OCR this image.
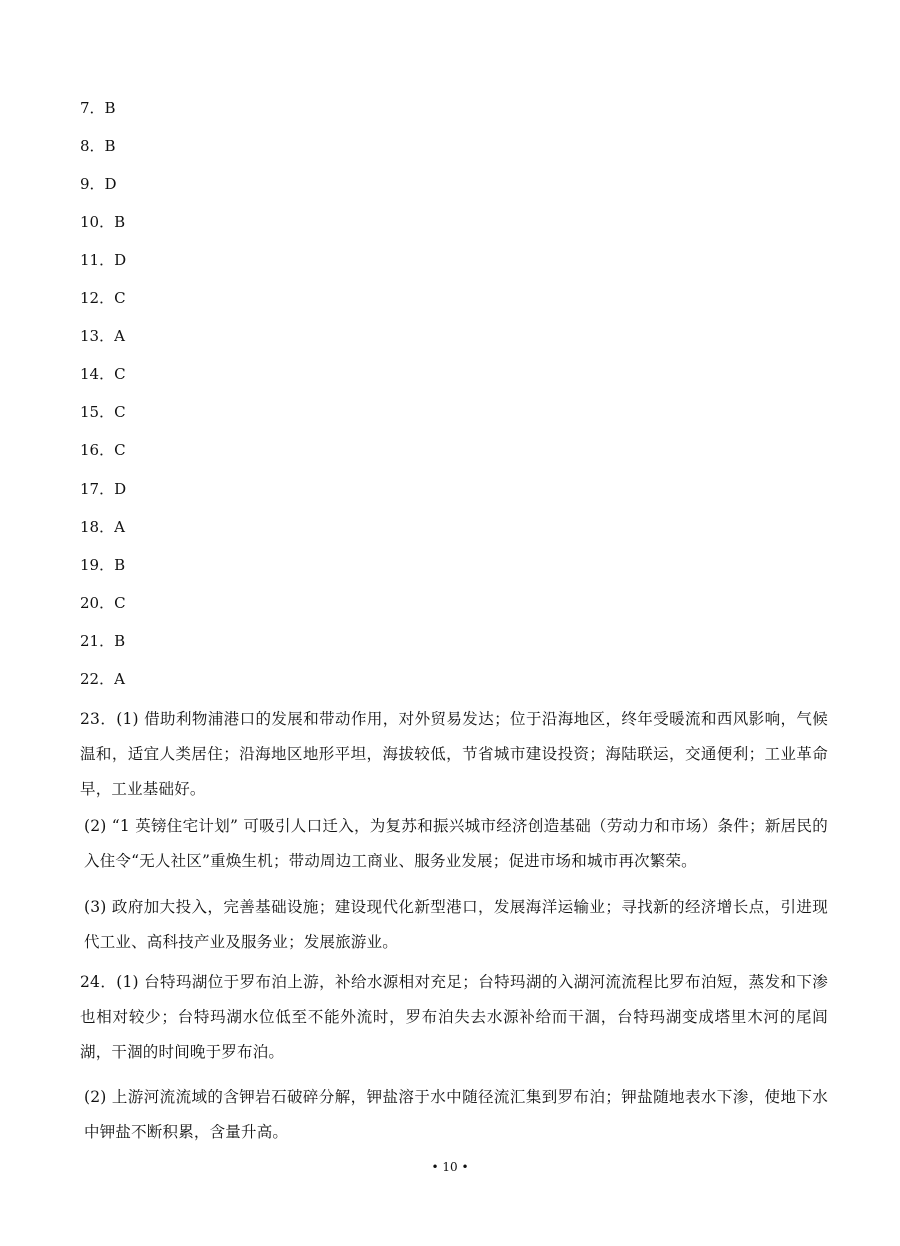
7．B
8．B
9．D
10．B
11．D
12．C
13．A
14．C
15．C
16．C
17．D
18．A
19．B
20．C
21．B
22．A
23．(1) 借助利物浦港口的发展和带动作用，对外贸易发达；位于沿海地区，终年受暖流和西风影响，气候温和，适宜人类居住；沿海地区地形平坦，海拔较低，节省城市建设投资；海陆联运，交通便利；工业革命早，工业基础好。
(2) “1 英镑住宅计划” 可吸引人口迁入，为复苏和振兴城市经济创造基础（劳动力和市场）条件；新居民的入住令“无人社区”重焕生机；带动周边工商业、服务业发展；促进市场和城市再次繁荣。
(3) 政府加大投入，完善基础设施；建设现代化新型港口，发展海洋运输业；寻找新的经济增长点，引进现代工业、高科技产业及服务业；发展旅游业。
24．(1) 台特玛湖位于罗布泊上游，补给水源相对充足；台特玛湖的入湖河流流程比罗布泊短，蒸发和下渗也相对较少；台特玛湖水位低至不能外流时，罗布泊失去水源补给而干涸，台特玛湖变成塔里木河的尾闾湖，干涸的时间晚于罗布泊。
(2) 上游河流流域的含钾岩石破碎分解，钾盐溶于水中随径流汇集到罗布泊；钾盐随地表水下渗，使地下水中钾盐不断积累，含量升高。
• 10 •
